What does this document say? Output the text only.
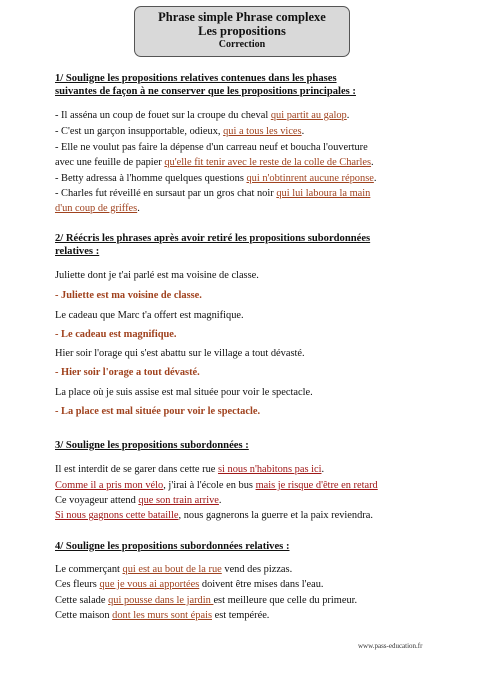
Phrase simple Phrase complexe
Les propositions
Correction
1/ Souligne les propositions relatives contenues dans les phases
suivantes de façon à ne conserver que les propositions principales :
- Il asséna un coup de fouet sur la croupe du cheval qui partit au galop.
- C'est un garçon insupportable, odieux, qui a tous les vices.
- Elle ne voulut pas faire la dépense d'un carreau neuf et boucha l'ouverture
avec une feuille de papier qu'elle fit tenir avec le reste de la colle de Charles.
- Betty adressa à l'homme quelques questions qui n'obtinrent aucune réponse.
- Charles fut réveillé en sursaut par un gros chat noir qui lui laboura la main
d'un coup de griffes.
2/ Réécris les phrases après avoir retiré les propositions subordonnées
relatives :
Juliette dont je t'ai parlé est ma voisine de classe.
- Juliette est ma voisine de classe.
Le cadeau que Marc t'a offert est magnifique.
- Le cadeau est magnifique.
Hier soir l'orage qui s'est abattu sur le village a tout dévasté.
- Hier soir l'orage a tout dévasté.
La place où je suis assise est mal située pour voir le spectacle.
- La place est mal située pour voir le spectacle.
3/ Souligne les propositions subordonnées :
Il est interdit de se garer dans cette rue si nous n'habitons pas ici.
Comme il a pris mon vélo, j'irai à l'école en bus mais je risque d'être en retard
Ce voyageur attend que son train arrive.
Si nous gagnons cette bataille, nous gagnerons la guerre et la paix reviendra.
4/ Souligne les propositions subordonnées relatives :
Le commerçant qui est au bout de la rue vend des pizzas.
Ces fleurs que je vous ai apportées doivent être mises dans l'eau.
Cette salade qui pousse dans le jardin est meilleure que celle du primeur.
Cette maison dont les murs sont épais est tempérée.
www.pass-education.fr
